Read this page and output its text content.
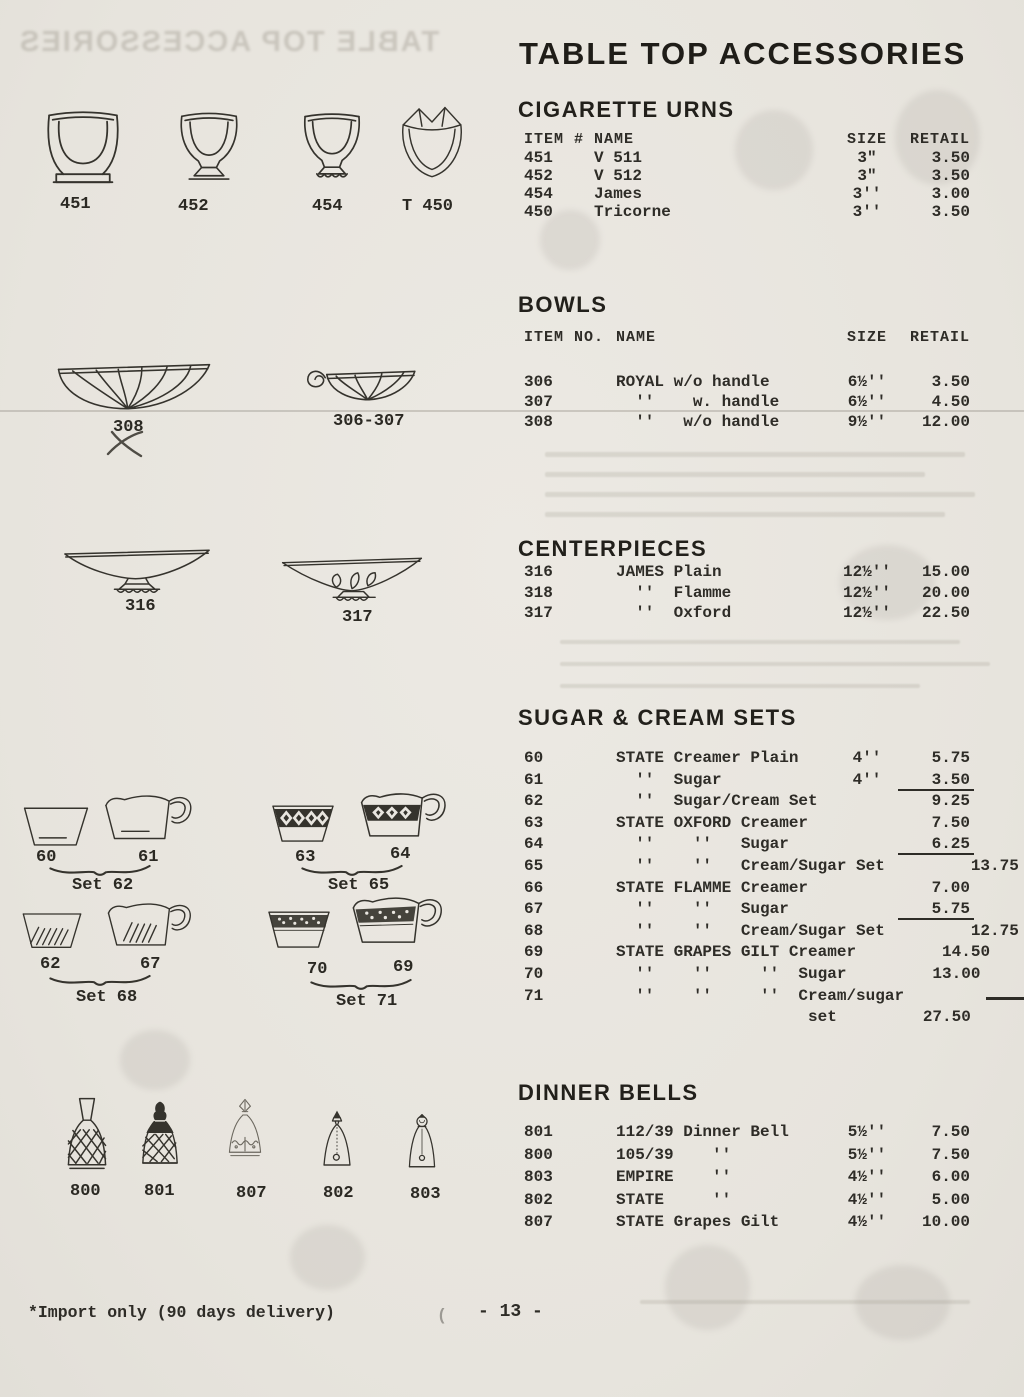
TABLE TOP ACCESSORIES	TABLE TOP ACCESSORIES
CIGARETTE URNS
ITEM # NAME	SIZE	RETAIL
451	V 511	3"	3.50
452	V 512	3"	3.50
454	James	3''	3.00
450	Tricorne	3''	3.50
BOWLS
ITEM NO. NAME	SIZE	RETAIL
306	ROYAL w/o handle	6½''	3.50
307	''    w. handle	6½''	4.50
308	''   w/o handle	9½''	12.00
CENTERPIECES
316	JAMES Plain	12½''	15.00
318	''  Flamme	12½''	20.00
317	''  Oxford	12½''	22.50
SUGAR & CREAM SETS
60	STATE Creamer Plain	4''	5.75
61	''  Sugar	4''	3.50
62	''  Sugar/Cream Set	9.25
63	STATE OXFORD Creamer	7.50
64	''    ''   Sugar	6.25
65	''    ''   Cream/Sugar Set	13.75
66	STATE FLAMME Creamer	7.00
67	''    ''   Sugar	5.75
68	''    ''   Cream/Sugar Set	12.75
69	STATE GRAPES GILT Creamer	14.50
70	''    ''     ''  Sugar	13.00
71	''    ''     ''  Cream/sugar
set	27.50
DINNER BELLS
801	112/39 Dinner Bell	5½''	7.50
800	105/39    ''	5½''	7.50
803	EMPIRE    ''	4½''	6.00
802	STATE     ''	4½''	5.00
807	STATE Grapes Gilt	4½''	10.00
451	452	454	T 450
308	306-307
316
317
60	61
Set 62
63	64
Set 65
62	67
Set 68
70	69
Set 71
800	801	807	802	803
*Import only (90 days delivery)	( - 13 -
